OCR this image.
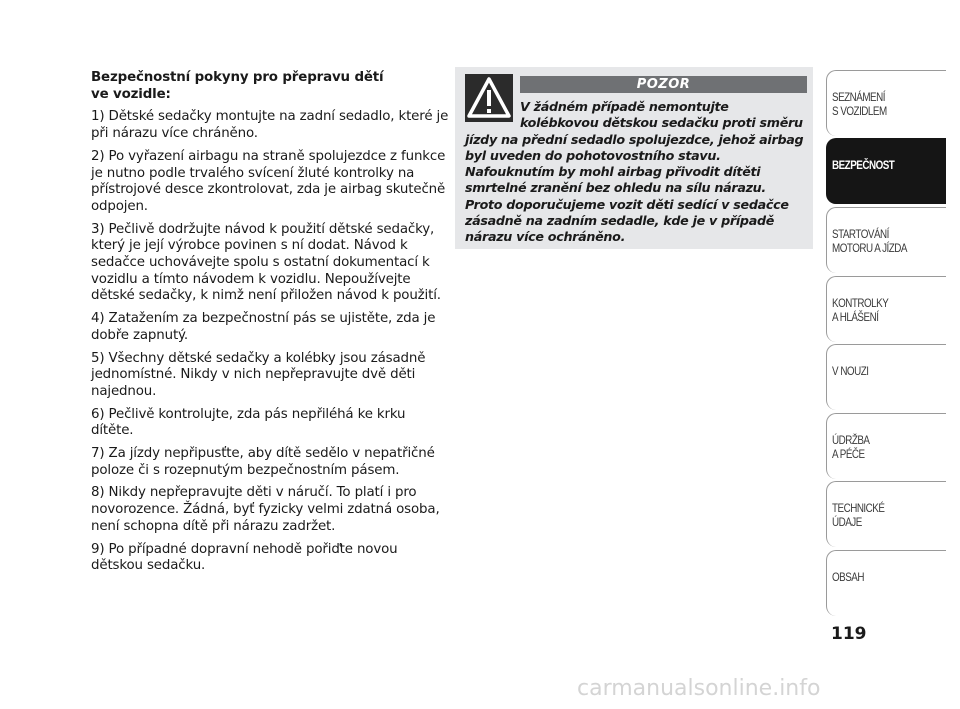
Bezpečnostní pokyny pro přepravu dětí
ve vozidle:

1) Dětské sedačky montujte na zadní sedadlo, které je při nárazu více chráněno.

2) Po vyřazení airbagu na straně spolujezdce z funkce je nutno podle trvalého svícení žluté kontrolky na přístrojové desce zkontrolovat, zda je airbag skutečně odpojen.

3) Pečlivě dodržujte návod k použití dětské sedačky, který je její výrobce povinen s ní dodat. Návod k sedačce uchovávejte spolu s ostatní dokumentací k vozidlu a tímto návodem k vozidlu. Nepoužívejte dětské sedačky, k nimž není přiložen návod k použití.

4) Zatažením za bezpečnostní pás se ujistěte, zda je dobře zapnutý.

5) Všechny dětské sedačky a kolébky jsou zásadně jednomístné. Nikdy v nich nepřepravujte dvě děti najednou.

6) Pečlivě kontrolujte, zda pás nepřiléhá ke krku dítěte.

7) Za jízdy nepřipusťte, aby dítě sedělo v nepatřičné poloze či s rozepnutým bezpečnostním pásem.

8) Nikdy nepřepravujte děti v náručí. To platí i pro novorozence. Žádná, byť fyzicky velmi zdatná osoba, není schopna dítě při nárazu zadržet.

9) Po případné dopravní nehodě pořiďte novou dětskou sedačku.

POZOR
V žádném případě nemontujte kolébkovou dětskou sedačku proti směru jízdy na přední sedadlo spolujezdce, jehož airbag byl uveden do pohotovostního stavu. Nafouknutím by mohl airbag přivodit dítěti smrtelné zranění bez ohledu na sílu nárazu. Proto doporučujeme vozit děti sedící v sedačce zásadně na zadním sedadle, kde je v případě nárazu více ochráněno.
SEZNÁMENÍ
S VOZIDLEM
BEZPEČNOST
STARTOVÁNÍ
MOTORU A JÍZDA
KONTROLKY
A HLÁŠENÍ
V NOUZI
ÚDRŽBA
A PÉČE
TECHNICKÉ
ÚDAJE
OBSAH
119
carmanualsonline.info
